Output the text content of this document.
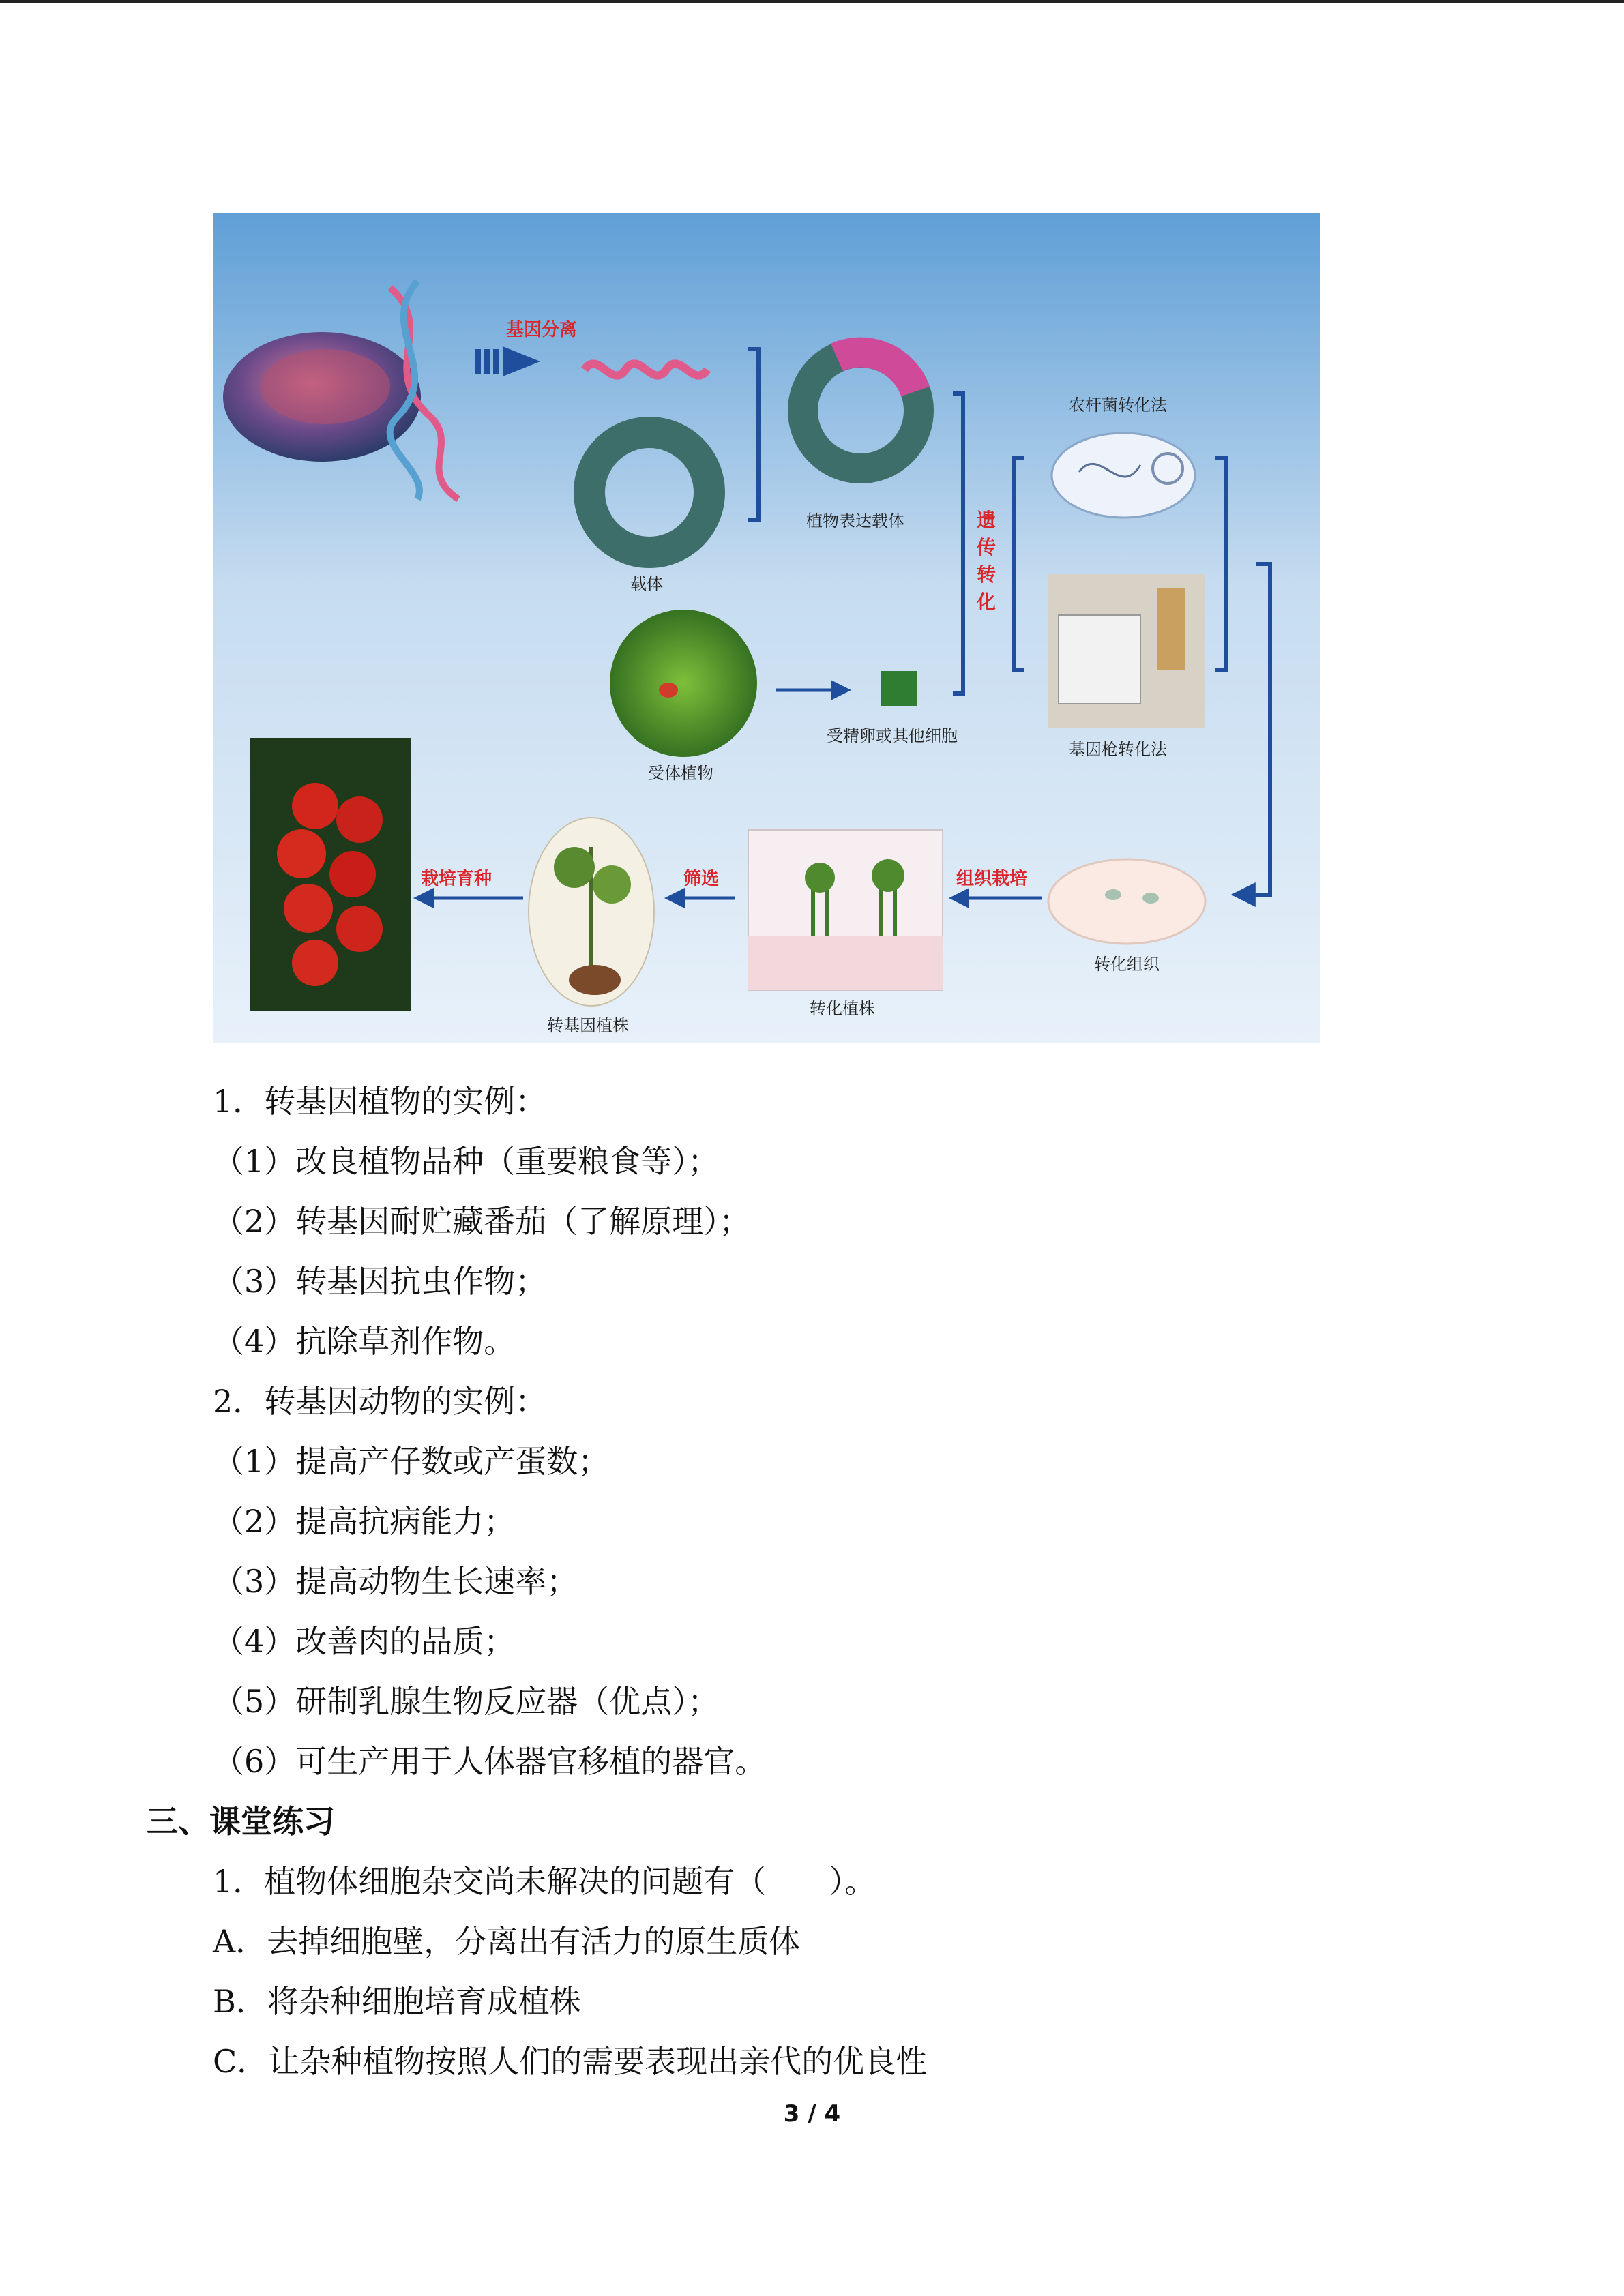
基因分离
载体
植物表达载体	遗
传
转
化
农杆菌转化法
基因枪转化法
受体植物
受精卵或其他细胞
栽培育种
转基因植株
筛选
转化植株
组织栽培
转化组织
1．转基因植物的实例：
（1）改良植物品种（重要粮食等）；
（2）转基因耐贮藏番茄（了解原理）；
（3）转基因抗虫作物；
（4）抗除草剂作物。
2．转基因动物的实例：
（1）提高产仔数或产蛋数；
（2）提高抗病能力；
（3）提高动物生长速率；
（4）改善肉的品质；
（5）研制乳腺生物反应器（优点）；
（6）可生产用于人体器官移植的器官。
三、课堂练习
1．植物体细胞杂交尚未解决的问题有（　　）。
A．去掉细胞壁，分离出有活力的原生质体
B．将杂种细胞培育成植株
C．让杂种植物按照人们的需要表现出亲代的优良性
3 / 4
